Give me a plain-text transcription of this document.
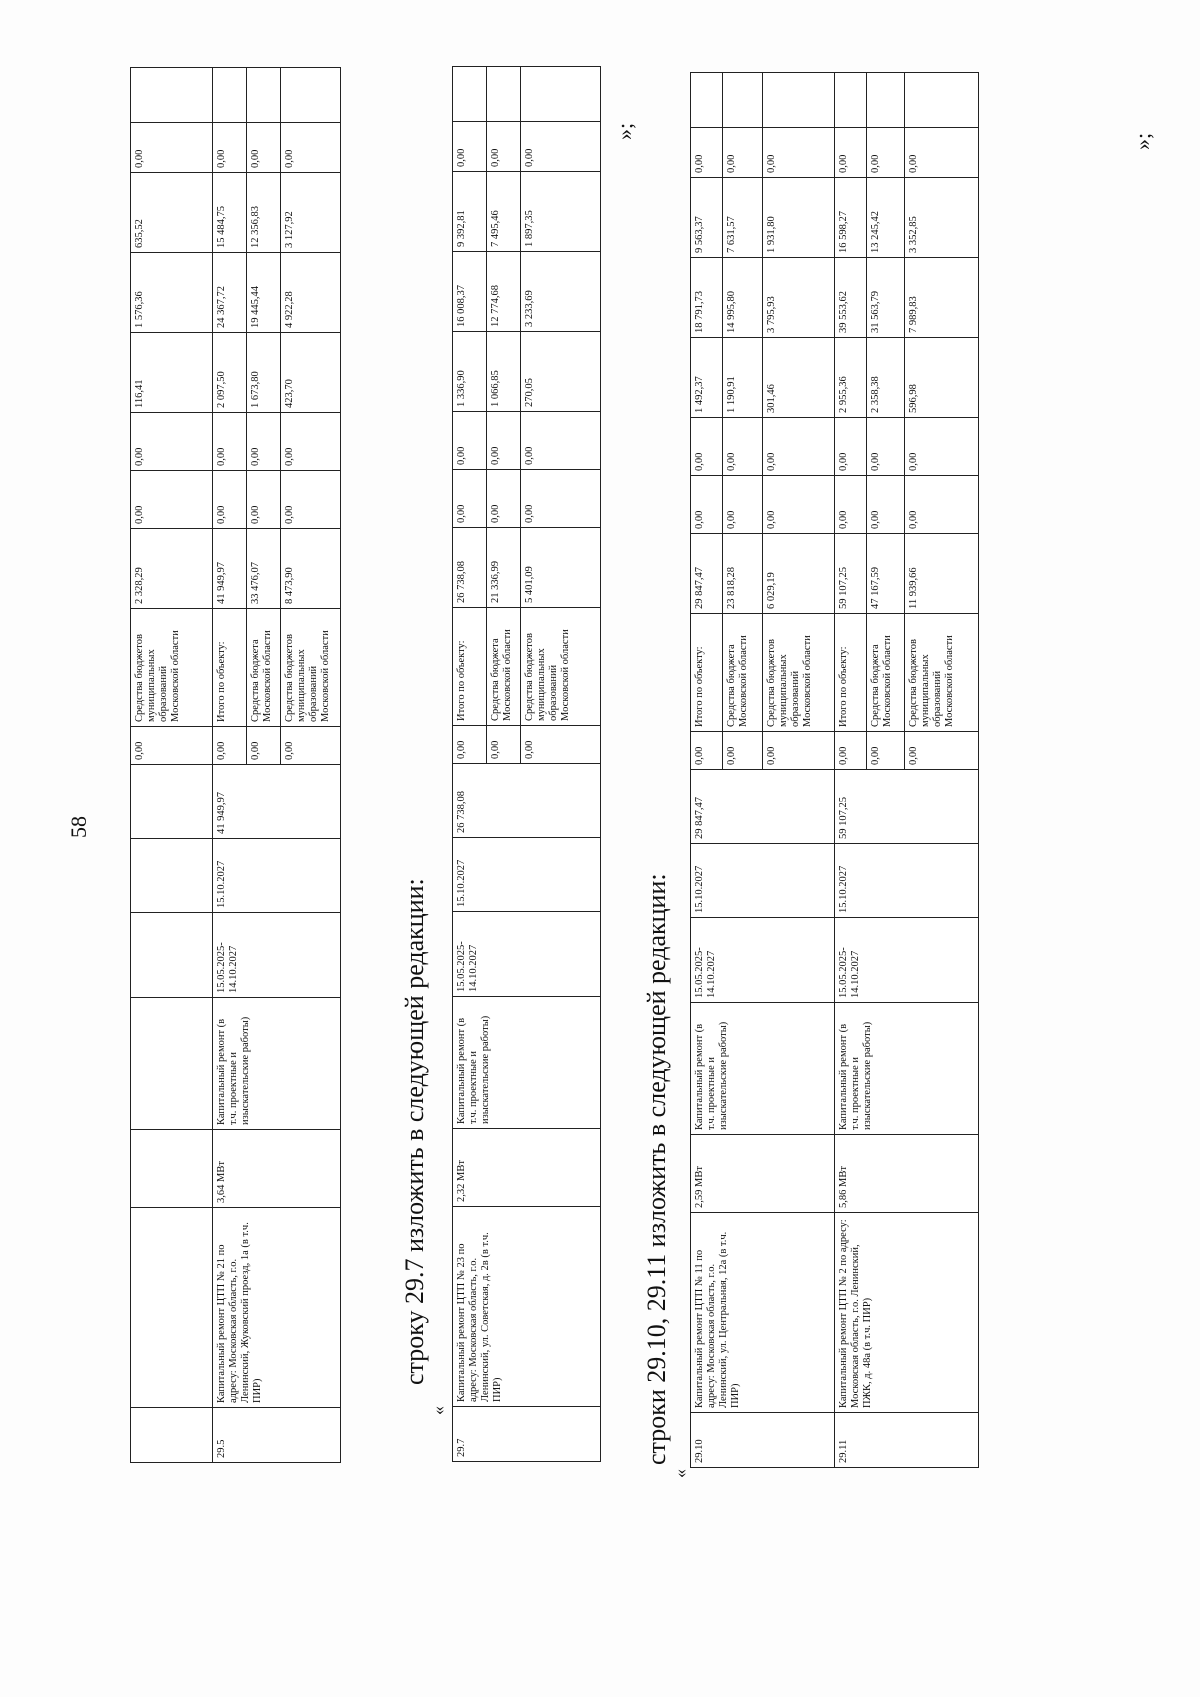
58
							0,00	Средства бюджетов муниципальных образований Московской области	2 328,29	0,00	0,00	116,41	1 576,36	635,52	0,00	
29.5	Капитальный ремонт ЦТП № 21 по адресу: Московская область, г.о. Ленинский, Жуковский проезд, 1а (в т.ч. ПИР)	3,64 МВт	Капитальный ремонт (в т.ч. проектные и изыскательские работы)	15.05.2025-14.10.2027	15.10.2027	41 949,97	0,00	Итого по объекту:	41 949,97	0,00	0,00	2 097,50	24 367,72	15 484,75	0,00	
							0,00	Средства бюджета Московской области	33 476,07	0,00	0,00	1 673,80	19 445,44	12 356,83	0,00	
							0,00	Средства бюджетов муниципальных образований Московской области	8 473,90	0,00	0,00	423,70	4 922,28	3 127,92	0,00	
строку 29.7 изложить в следующей редакции:
«
29.7	Капитальный ремонт ЦТП № 23 по адресу: Московская область, г.о. Ленинский, ул. Советская, д. 2в (в т.ч. ПИР)	2,32 МВт	Капитальный ремонт (в т.ч. проектные и изыскательские работы)	15.05.2025-14.10.2027	15.10.2027	26 738,08	0,00	Итого по объекту:	26 738,08	0,00	0,00	1 336,90	16 008,37	9 392,81	0,00	
							0,00	Средства бюджета Московской области	21 336,99	0,00	0,00	1 066,85	12 774,68	7 495,46	0,00	
							0,00	Средства бюджетов муниципальных образований Московской области	5 401,09	0,00	0,00	270,05	3 233,69	1 897,35	0,00	
»;
строки 29.10, 29.11 изложить в следующей редакции:
«
29.10	Капитальный ремонт ЦТП № 11 по адресу: Московская область, г.о. Ленинский, ул. Центральная, 12а (в т.ч. ПИР)	2,59 МВт	Капитальный ремонт (в т.ч. проектные и изыскательские работы)	15.05.2025-14.10.2027	15.10.2027	29 847,47	0,00	Итого по объекту:	29 847,47	0,00	0,00	1 492,37	18 791,73	9 563,37	0,00	
							0,00	Средства бюджета Московской области	23 818,28	0,00	0,00	1 190,91	14 995,80	7 631,57	0,00	
							0,00	Средства бюджетов муниципальных образований Московской области	6 029,19	0,00	0,00	301,46	3 795,93	1 931,80	0,00	
29.11	Капитальный ремонт ЦТП № 2 по адресу: Московская область, г.о. Ленинский, ПЖК, д. 48а (в т.ч. ПИР)	5,86 МВт	Капитальный ремонт (в т.ч. проектные и изыскательские работы)	15.05.2025-14.10.2027	15.10.2027	59 107,25	0,00	Итого по объекту:	59 107,25	0,00	0,00	2 955,36	39 553,62	16 598,27	0,00	
							0,00	Средства бюджета Московской области	47 167,59	0,00	0,00	2 358,38	31 563,79	13 245,42	0,00	
							0,00	Средства бюджетов муниципальных образований Московской области	11 939,66	0,00	0,00	596,98	7 989,83	3 352,85	0,00	
»;
